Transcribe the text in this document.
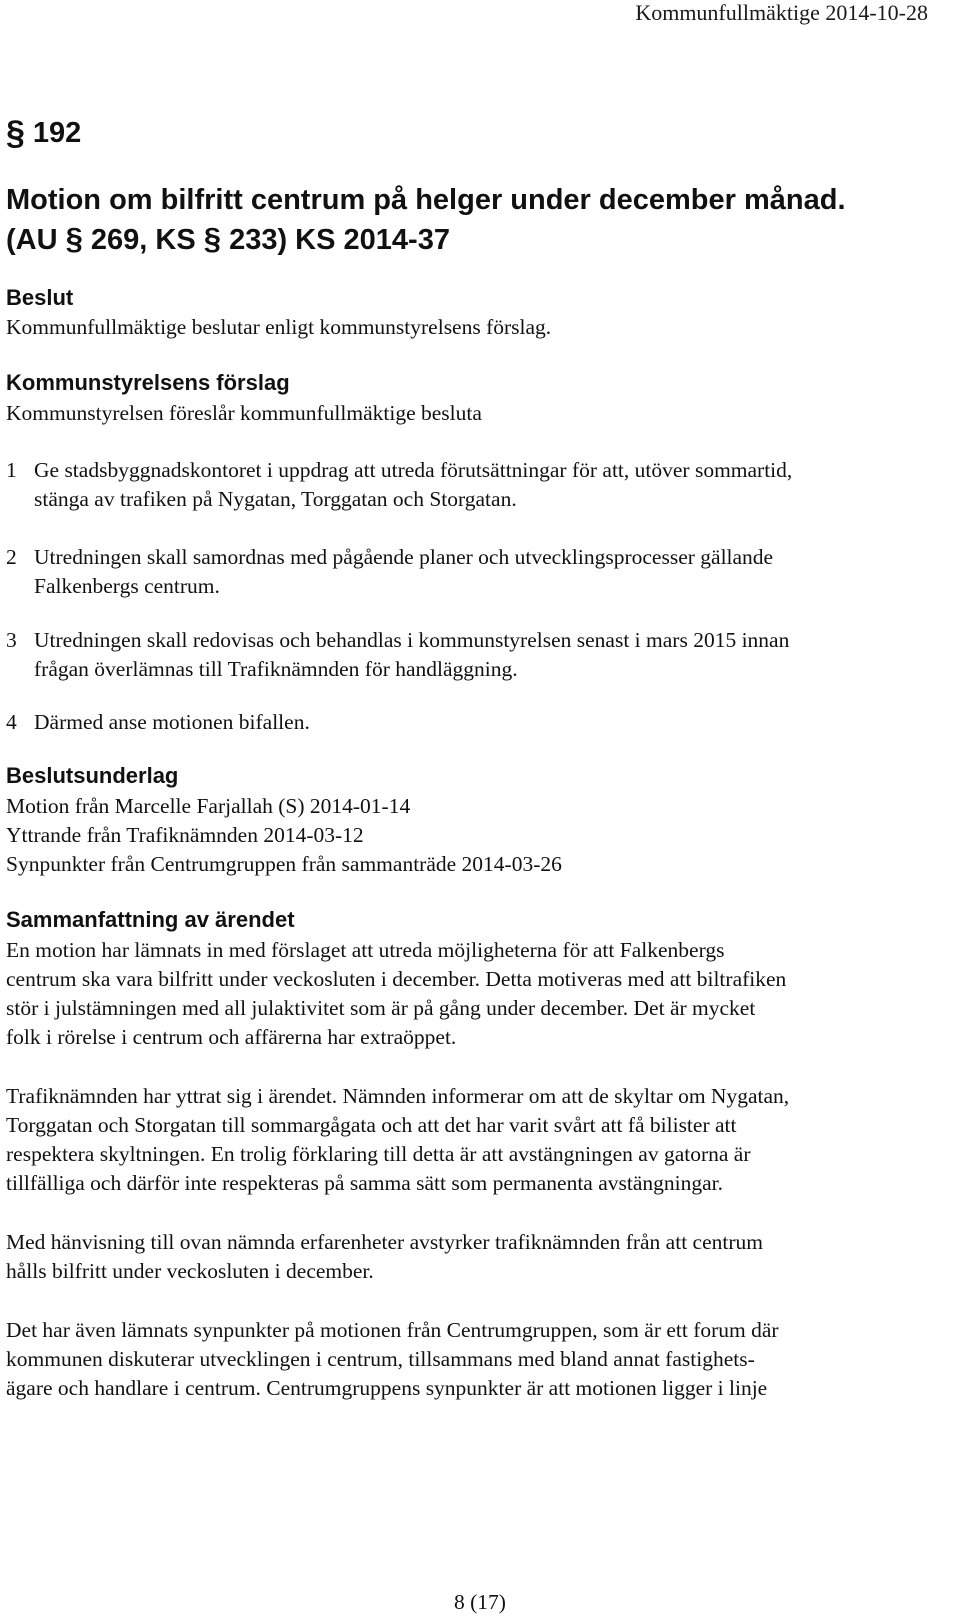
Kommunfullmäktige 2014-10-28
§ 192
Motion om bilfritt centrum på helger under december månad.
(AU § 269, KS § 233) KS 2014-37
Beslut
Kommunfullmäktige beslutar enligt kommunstyrelsens förslag.
Kommunstyrelsens förslag
Kommunstyrelsen föreslår kommunfullmäktige besluta
1 Ge stadsbyggnadskontoret i uppdrag att utreda förutsättningar för att, utöver sommartid,
stänga av trafiken på Nygatan, Torggatan och Storgatan.
2 Utredningen skall samordnas med pågående planer och utvecklingsprocesser gällande
Falkenbergs centrum.
3 Utredningen skall redovisas och behandlas i kommunstyrelsen senast i mars 2015 innan
frågan överlämnas till Trafiknämnden för handläggning.
4 Därmed anse motionen bifallen.
Beslutsunderlag
Motion från Marcelle Farjallah (S) 2014-01-14
Yttrande från Trafiknämnden 2014-03-12
Synpunkter från Centrumgruppen från sammanträde 2014-03-26
Sammanfattning av ärendet
En motion har lämnats in med förslaget att utreda möjligheterna för att Falkenbergs
centrum ska vara bilfritt under veckosluten i december. Detta motiveras med att biltrafiken
stör i julstämningen med all julaktivitet som är på gång under december. Det är mycket
folk i rörelse i centrum och affärerna har extraöppet.
Trafiknämnden har yttrat sig i ärendet. Nämnden informerar om att de skyltar om Nygatan,
Torggatan och Storgatan till sommargågata och att det har varit svårt att få bilister att
respektera skyltningen. En trolig förklaring till detta är att avstängningen av gatorna är
tillfälliga och därför inte respekteras på samma sätt som permanenta avstängningar.
Med hänvisning till ovan nämnda erfarenheter avstyrker trafiknämnden från att centrum
hålls bilfritt under veckosluten i december.
Det har även lämnats synpunkter på motionen från Centrumgruppen, som är ett forum där
kommunen diskuterar utvecklingen i centrum, tillsammans med bland annat fastighets-
ägare och handlare i centrum. Centrumgruppens synpunkter är att motionen ligger i linje
8 (17)
